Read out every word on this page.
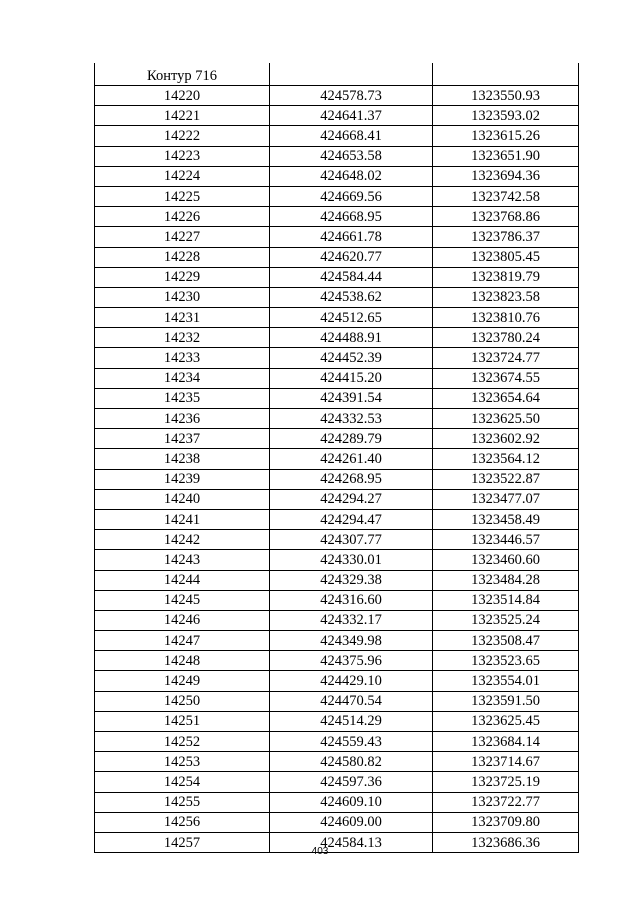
Контур 716		
14220	424578.73	1323550.93
14221	424641.37	1323593.02
14222	424668.41	1323615.26
14223	424653.58	1323651.90
14224	424648.02	1323694.36
14225	424669.56	1323742.58
14226	424668.95	1323768.86
14227	424661.78	1323786.37
14228	424620.77	1323805.45
14229	424584.44	1323819.79
14230	424538.62	1323823.58
14231	424512.65	1323810.76
14232	424488.91	1323780.24
14233	424452.39	1323724.77
14234	424415.20	1323674.55
14235	424391.54	1323654.64
14236	424332.53	1323625.50
14237	424289.79	1323602.92
14238	424261.40	1323564.12
14239	424268.95	1323522.87
14240	424294.27	1323477.07
14241	424294.47	1323458.49
14242	424307.77	1323446.57
14243	424330.01	1323460.60
14244	424329.38	1323484.28
14245	424316.60	1323514.84
14246	424332.17	1323525.24
14247	424349.98	1323508.47
14248	424375.96	1323523.65
14249	424429.10	1323554.01
14250	424470.54	1323591.50
14251	424514.29	1323625.45
14252	424559.43	1323684.14
14253	424580.82	1323714.67
14254	424597.36	1323725.19
14255	424609.10	1323722.77
14256	424609.00	1323709.80
14257	424584.13	1323686.36
403
